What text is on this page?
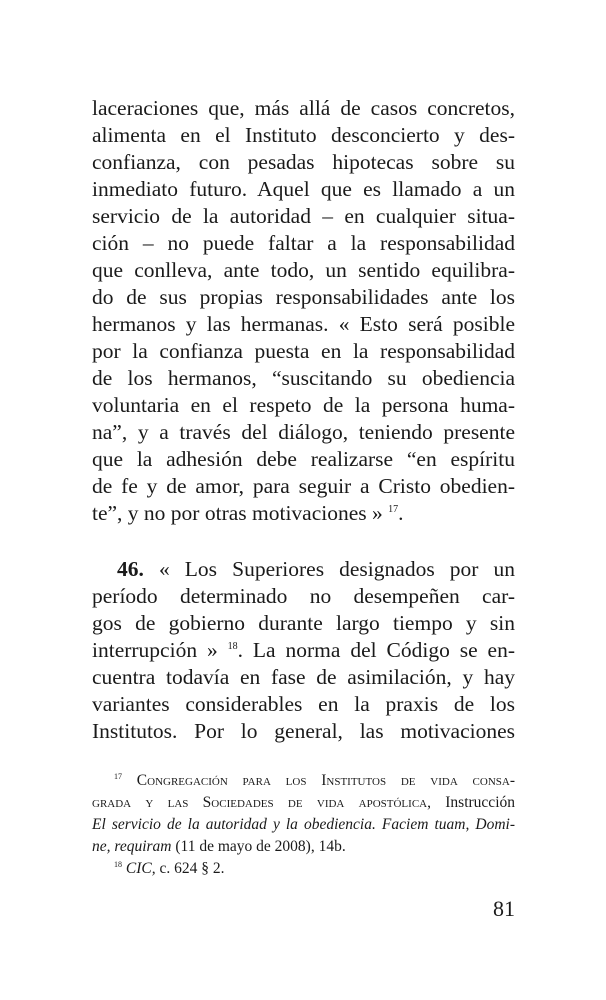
laceraciones que, más allá de casos concretos,
alimenta en el Instituto desconcierto y des-
confianza, con pesadas hipotecas sobre su
inmediato futuro. Aquel que es llamado a un
servicio de la autoridad – en cualquier situa-
ción – no puede faltar a la responsabilidad
que conlleva, ante todo, un sentido equilibra-
do de sus propias responsabilidades ante los
hermanos y las hermanas. « Esto será posible
por la confianza puesta en la responsabilidad
de los hermanos, “suscitando su obediencia
voluntaria en el respeto de la persona huma-
na”, y a través del diálogo, teniendo presente
que la adhesión debe realizarse “en espíritu
de fe y de amor, para seguir a Cristo obedien-
te”, y no por otras motivaciones » $^{17}$.
46. « Los Superiores designados por un
período determinado no desempeñen car-
gos de gobierno durante largo tiempo y sin
interrupción » $^{18}$. La norma del Código se en-
cuentra todavía en fase de asimilación, y hay
variantes considerables en la praxis de los
Institutos. Por lo general, las motivaciones
$^{17}$ Congregación para los Institutos de vida consa-
grada y las Sociedades de vida apostólica, Instrucción
El servicio de la autoridad y la obediencia. Faciem tuam, Domi-
ne, requiram (11 de mayo de 2008), 14b.
$^{18}$ CIC, c. 624 § 2.
81
